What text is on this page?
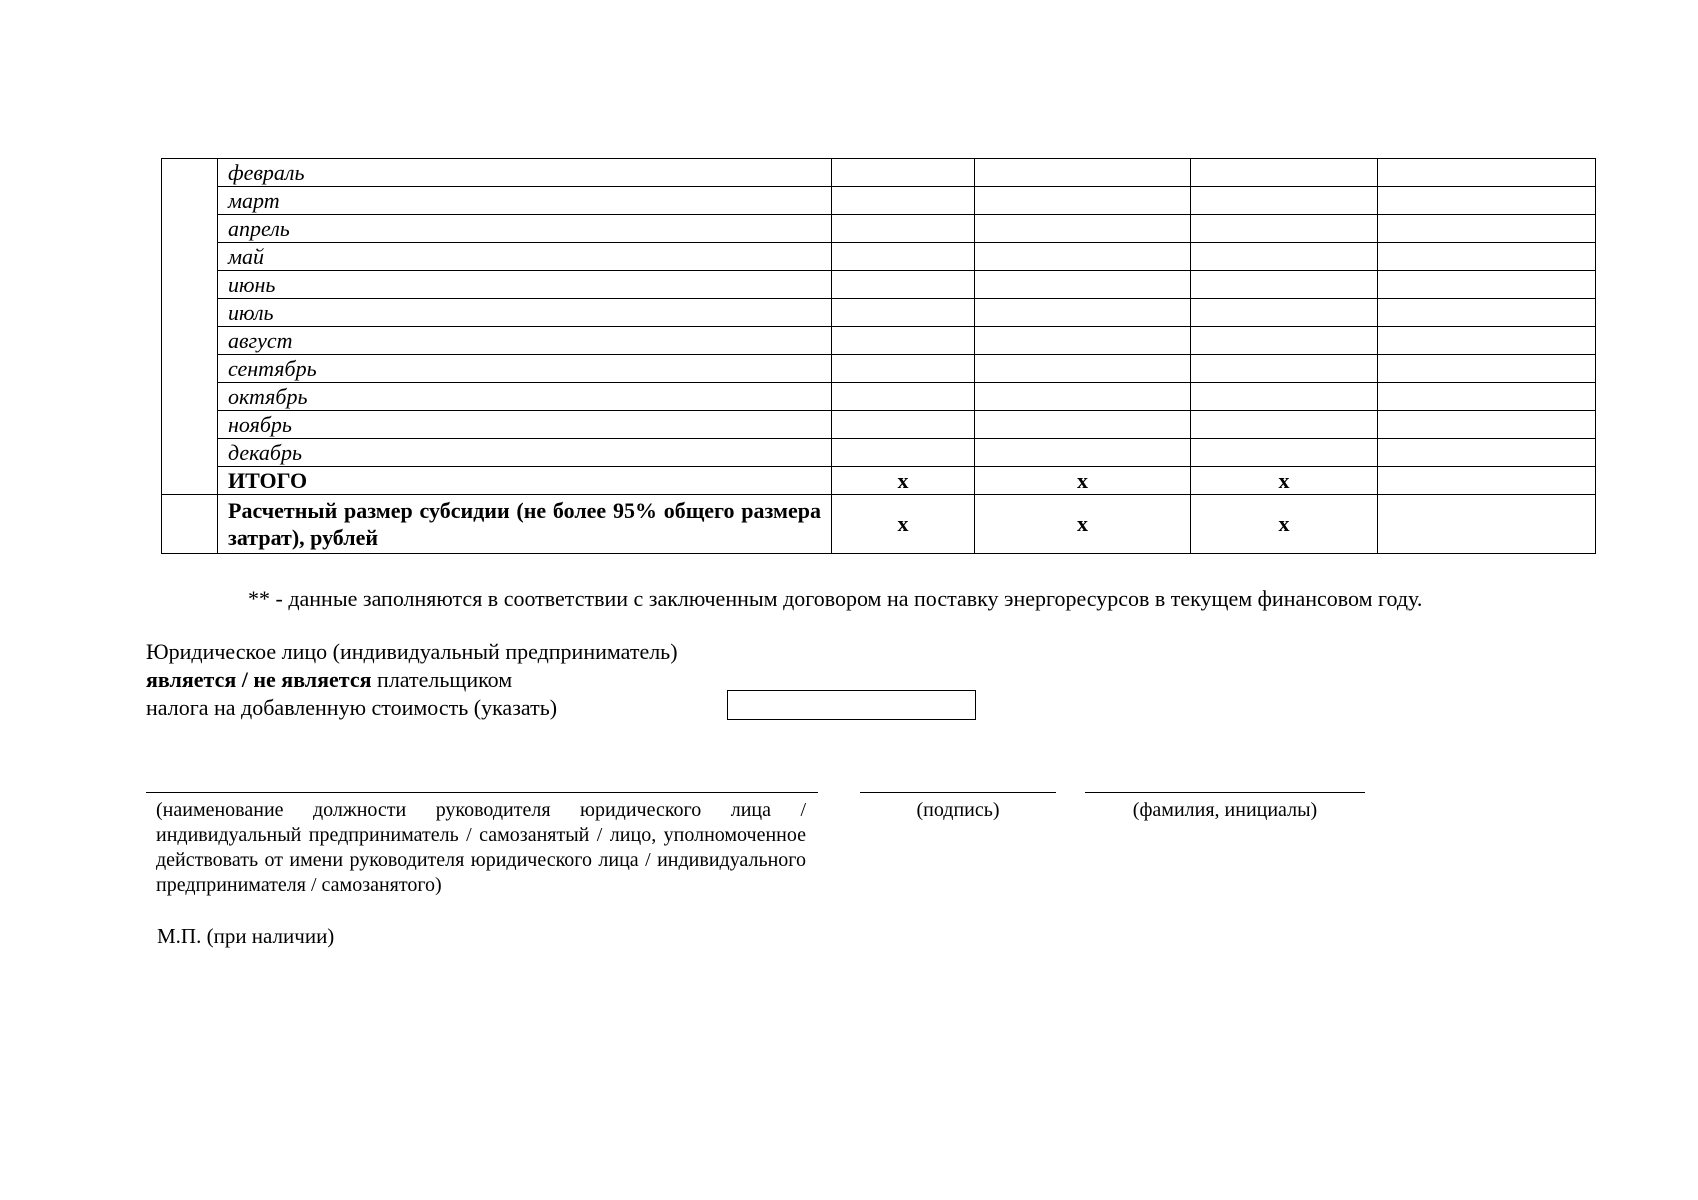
	февраль				
	март				
	апрель				
	май				
	июнь				
	июль				
	август				
	сентябрь				
	октябрь				
	ноябрь				
	декабрь				
	ИТОГО	х	х	х	
	Расчетный размер субсидии (не более 95% общего размера затрат), рублей	х	х	х	
** - данные заполняются в соответствии с заключенным договором на поставку энергоресурсов в текущем финансовом году.
Юридическое лицо (индивидуальный предприниматель)
является / не является плательщиком
налога на добавленную стоимость (указать)
(наименование должности руководителя юридического лица / индивидуальный предприниматель / самозанятый / лицо, уполномоченное действовать от имени руководителя юридического лица / индивидуального предпринимателя / самозанятого)
(подпись)	(фамилия, инициалы)
М.П. (при наличии)
